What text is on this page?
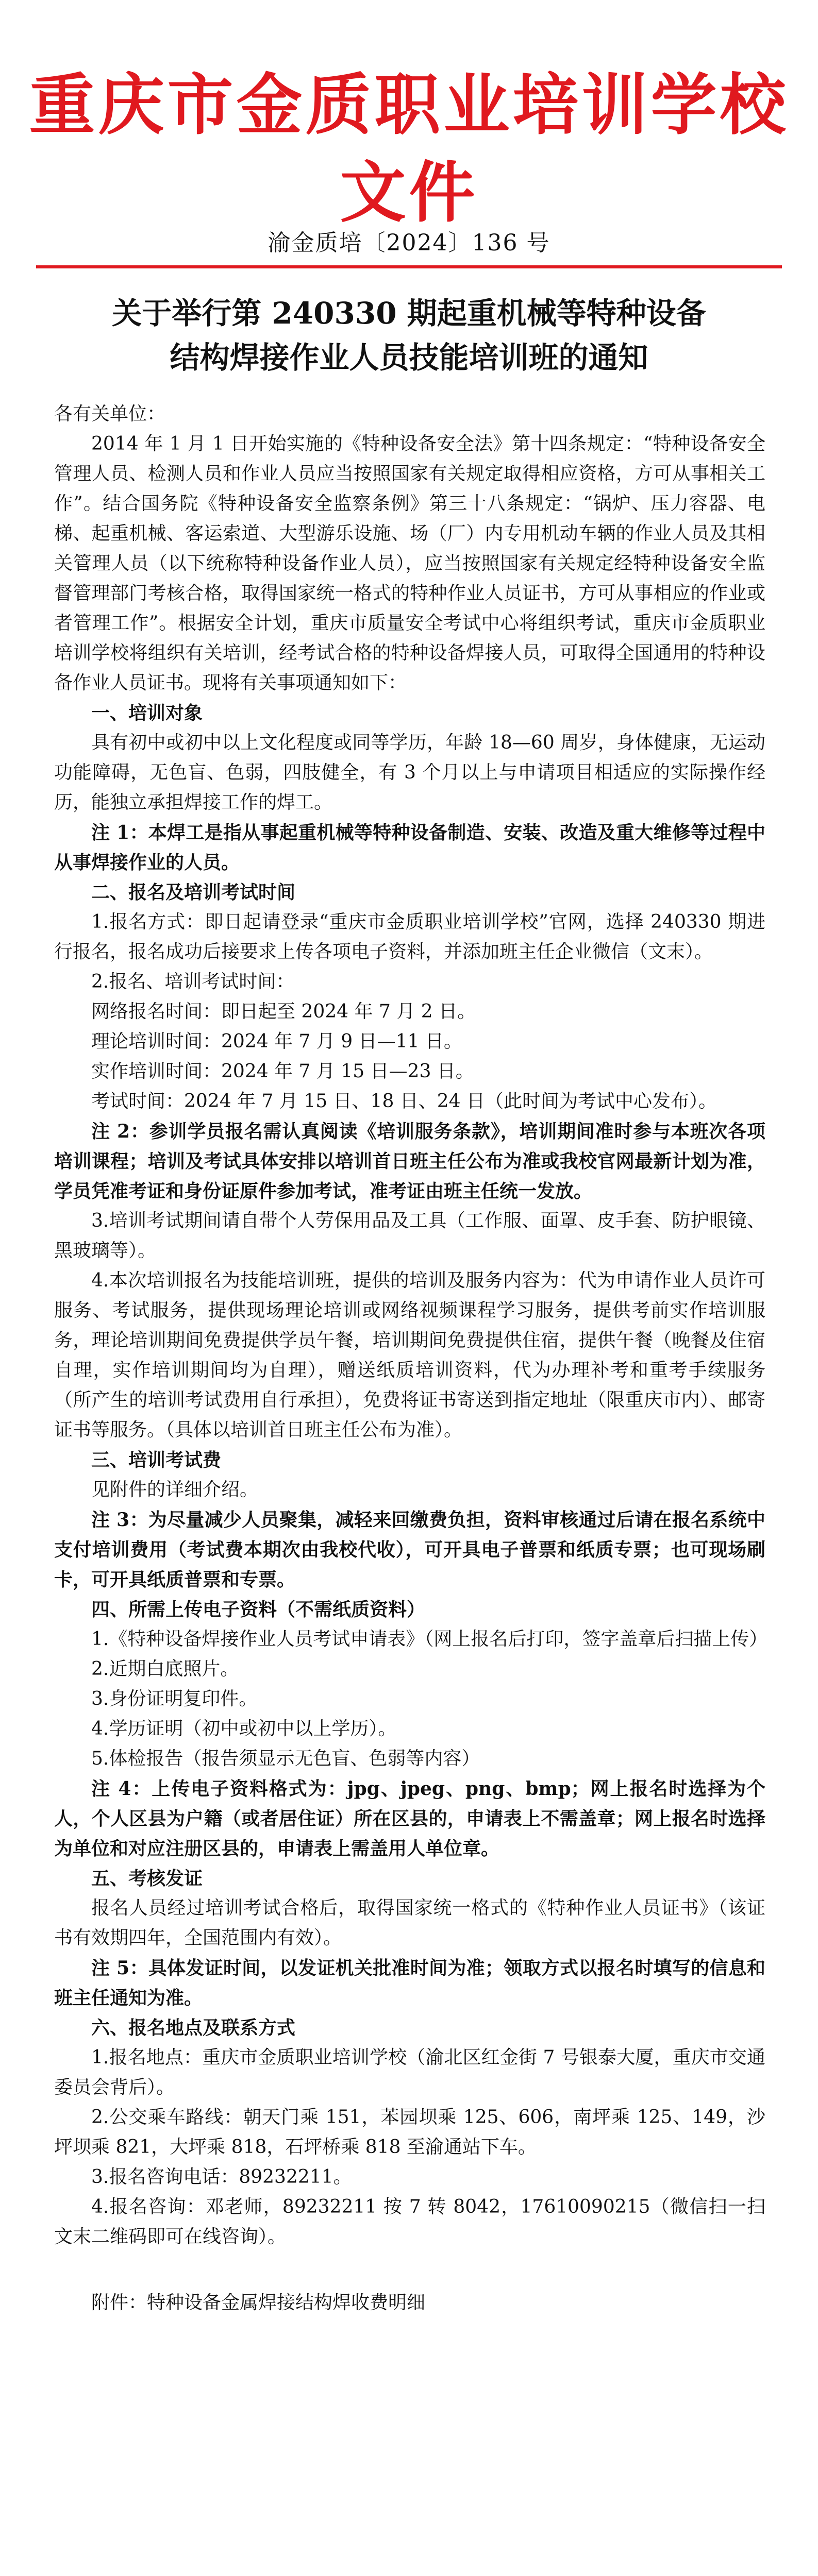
重庆市金质职业培训学校文件
渝金质培〔2024〕136 号
关于举行第 240330 期起重机械等特种设备
结构焊接作业人员技能培训班的通知

各有关单位：

2014 年 1 月 1 日开始实施的《特种设备安全法》第十四条规定：“特种设备安全管理人员、检测人员和作业人员应当按照国家有关规定取得相应资格，方可从事相关工作”。结合国务院《特种设备安全监察条例》第三十八条规定：“锅炉、压力容器、电梯、起重机械、客运索道、大型游乐设施、场（厂）内专用机动车辆的作业人员及其相关管理人员（以下统称特种设备作业人员），应当按照国家有关规定经特种设备安全监督管理部门考核合格，取得国家统一格式的特种作业人员证书，方可从事相应的作业或者管理工作”。根据安全计划，重庆市质量安全考试中心将组织考试，重庆市金质职业培训学校将组织有关培训，经考试合格的特种设备焊接人员，可取得全国通用的特种设备作业人员证书。现将有关事项通知如下：

一、培训对象

具有初中或初中以上文化程度或同等学历，年龄 18—60 周岁，身体健康，无运动功能障碍，无色盲、色弱，四肢健全，有 3 个月以上与申请项目相适应的实际操作经历，能独立承担焊接工作的焊工。

注 1：本焊工是指从事起重机械等特种设备制造、安装、改造及重大维修等过程中从事焊接作业的人员。

二、报名及培训考试时间

1.报名方式：即日起请登录“重庆市金质职业培训学校”官网，选择 240330 期进行报名，报名成功后接要求上传各项电子资料，并添加班主任企业微信（文末）。

2.报名、培训考试时间：

网络报名时间：即日起至 2024 年 7 月 2 日。

理论培训时间：2024 年 7 月 9 日—11 日。

实作培训时间：2024 年 7 月 15 日—23 日。

考试时间：2024 年 7 月 15 日、18 日、24 日（此时间为考试中心发布）。

注 2：参训学员报名需认真阅读《培训服务条款》，培训期间准时参与本班次各项培训课程；培训及考试具体安排以培训首日班主任公布为准或我校官网最新计划为准，学员凭准考证和身份证原件参加考试，准考证由班主任统一发放。

3.培训考试期间请自带个人劳保用品及工具（工作服、面罩、皮手套、防护眼镜、黑玻璃等）。

4.本次培训报名为技能培训班，提供的培训及服务内容为：代为申请作业人员许可服务、考试服务，提供现场理论培训或网络视频课程学习服务，提供考前实作培训服务，理论培训期间免费提供学员午餐，培训期间免费提供住宿，提供午餐（晚餐及住宿自理，实作培训期间均为自理），赠送纸质培训资料，代为办理补考和重考手续服务（所产生的培训考试费用自行承担），免费将证书寄送到指定地址（限重庆市内）、邮寄证书等服务。（具体以培训首日班主任公布为准）。

三、培训考试费

见附件的详细介绍。

注 3：为尽量减少人员聚集，减轻来回缴费负担，资料审核通过后请在报名系统中支付培训费用（考试费本期次由我校代收），可开具电子普票和纸质专票；也可现场刷卡，可开具纸质普票和专票。

四、所需上传电子资料（不需纸质资料）

1.《特种设备焊接作业人员考试申请表》（网上报名后打印，签字盖章后扫描上传）

2.近期白底照片。

3.身份证明复印件。

4.学历证明（初中或初中以上学历）。

5.体检报告（报告须显示无色盲、色弱等内容）

注 4：上传电子资料格式为：jpg、jpeg、png、bmp；网上报名时选择为个人，个人区县为户籍（或者居住证）所在区县的，申请表上不需盖章；网上报名时选择为单位和对应注册区县的，申请表上需盖用人单位章。

五、考核发证

报名人员经过培训考试合格后，取得国家统一格式的《特种作业人员证书》（该证书有效期四年，全国范围内有效）。

注 5：具体发证时间，以发证机关批准时间为准；领取方式以报名时填写的信息和班主任通知为准。

六、报名地点及联系方式

1.报名地点：重庆市金质职业培训学校（渝北区红金街 7 号银泰大厦，重庆市交通委员会背后）。

2.公交乘车路线：朝天门乘 151，苯园坝乘 125、606，南坪乘 125、149，沙坪坝乘 821，大坪乘 818，石坪桥乘 818 至渝通站下车。

3.报名咨询电话：89232211。

4.报名咨询：邓老师，89232211 按 7 转 8042，17610090215（微信扫一扫文末二维码即可在线咨询）。

附件：特种设备金属焊接结构焊收费明细
